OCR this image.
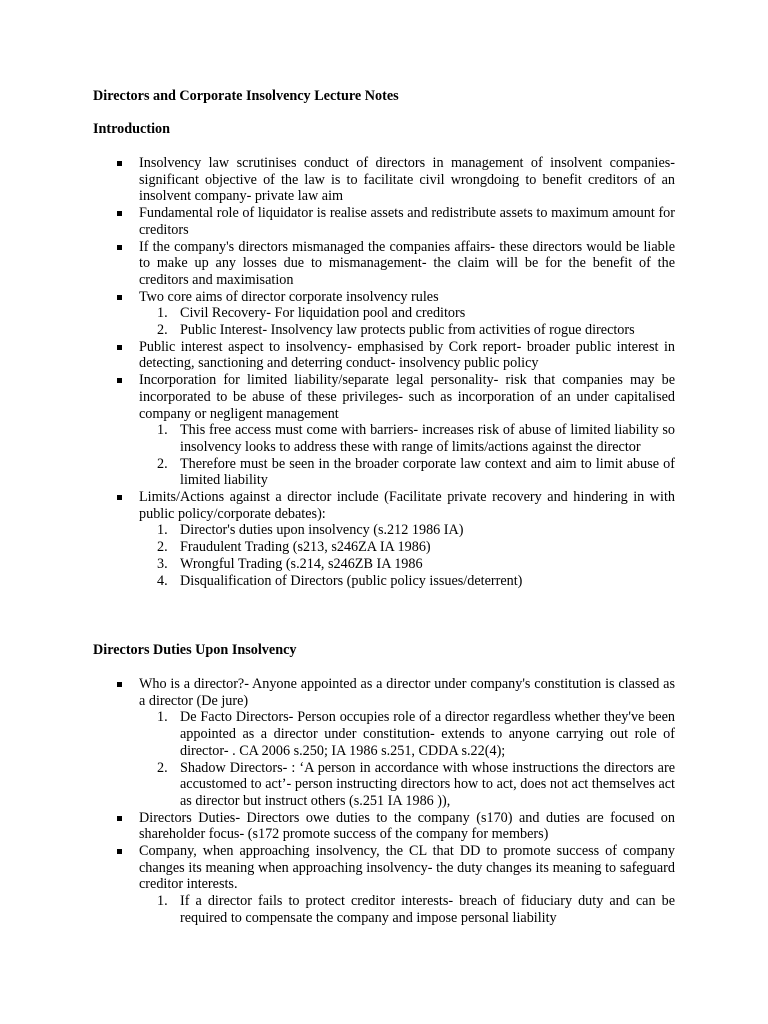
Directors and Corporate Insolvency Lecture Notes
Introduction
Insolvency law scrutinises conduct of directors in management of insolvent companies- significant objective of the law is to facilitate civil wrongdoing to benefit creditors of an insolvent company- private law aim
Fundamental role of liquidator is realise assets and redistribute assets to maximum amount for creditors
If the company's directors mismanaged the companies affairs- these directors would be liable to make up any losses due to mismanagement- the claim will be for the benefit of the creditors and maximisation
Two core aims of director corporate insolvency rules
1. Civil Recovery- For liquidation pool and creditors
2. Public Interest- Insolvency law protects public from activities of rogue directors
Public interest aspect to insolvency- emphasised by Cork report- broader public interest in detecting, sanctioning and deterring conduct- insolvency public policy
Incorporation for limited liability/separate legal personality- risk that companies may be incorporated to be abuse of these privileges- such as incorporation of an under capitalised company or negligent management
1. This free access must come with barriers- increases risk of abuse of limited liability so insolvency looks to address these with range of limits/actions against the director
2. Therefore must be seen in the broader corporate law context and aim to limit abuse of limited liability
Limits/Actions against a director include (Facilitate private recovery and hindering in with public policy/corporate debates):
1. Director's duties upon insolvency (s.212 1986 IA)
2. Fraudulent Trading (s213, s246ZA IA 1986)
3. Wrongful Trading (s.214, s246ZB IA 1986
4. Disqualification of Directors (public policy issues/deterrent)
Directors Duties Upon Insolvency
Who is a director?- Anyone appointed as a director under company's constitution is classed as a director (De jure)
1. De Facto Directors- Person occupies role of a director regardless whether they've been appointed as a director under constitution- extends to anyone carrying out role of director- . CA 2006 s.250; IA 1986 s.251, CDDA s.22(4);
2. Shadow Directors- : ‘A person in accordance with whose instructions the directors are accustomed to act’- person instructing directors how to act, does not act themselves act as director but instruct others (s.251 IA 1986 )),
Directors Duties- Directors owe duties to the company (s170) and duties are focused on shareholder focus- (s172 promote success of the company for members)
Company, when approaching insolvency, the CL that DD to promote success of company changes its meaning when approaching insolvency- the duty changes its meaning to safeguard creditor interests.
1. If a director fails to protect creditor interests- breach of fiduciary duty and can be required to compensate the company and impose personal liability
